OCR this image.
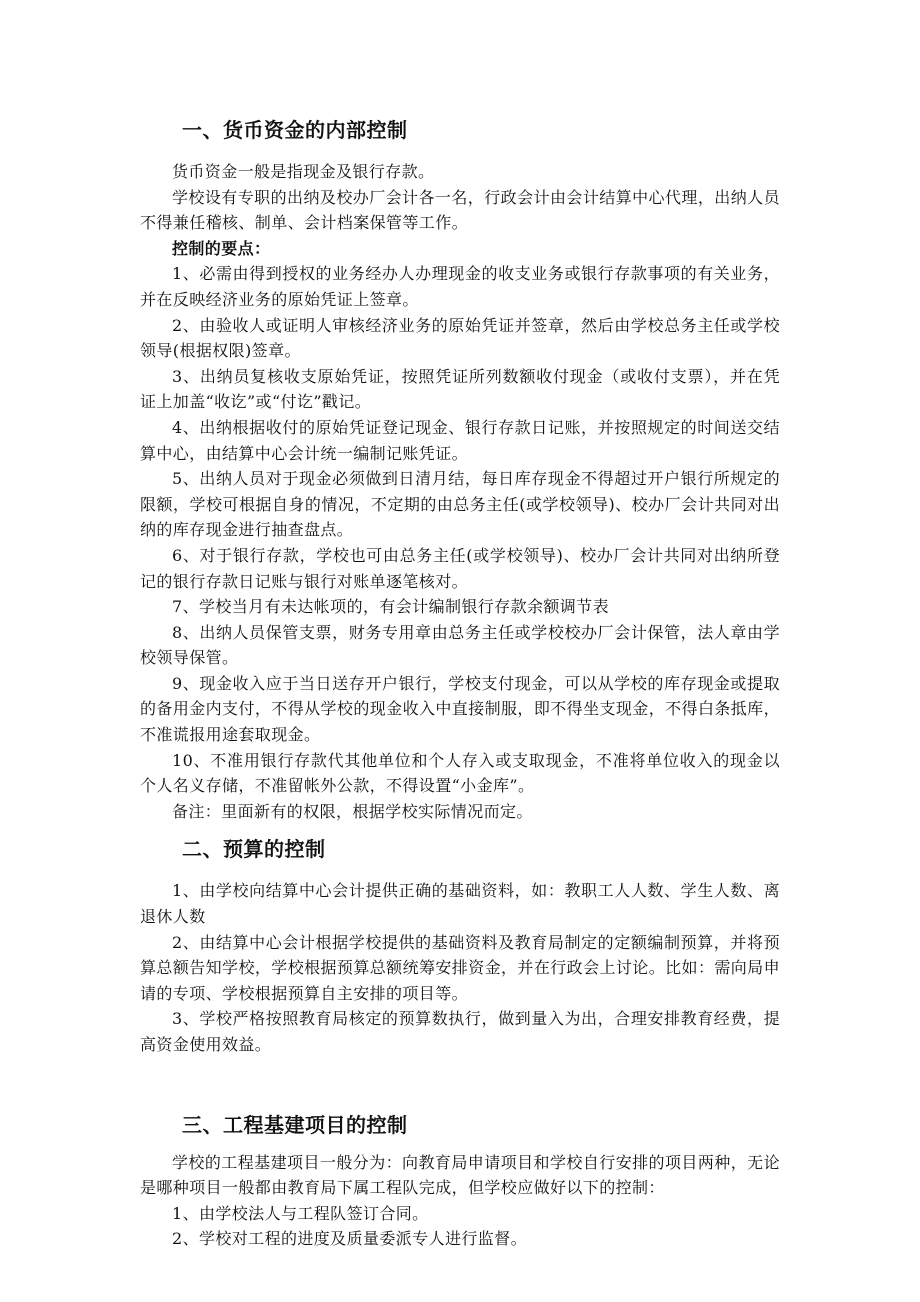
一、货币资金的内部控制

货币资金一般是指现金及银行存款。

学校设有专职的出纳及校办厂会计各一名，行政会计由会计结算中心代理，出纳人员不得兼任稽核、制单、会计档案保管等工作。

控制的要点：

1、必需由得到授权的业务经办人办理现金的收支业务或银行存款事项的有关业务，并在反映经济业务的原始凭证上签章。

2、由验收人或证明人审核经济业务的原始凭证并签章，然后由学校总务主任或学校领导(根据权限)签章。

3、出纳员复核收支原始凭证，按照凭证所列数额收付现金（或收付支票），并在凭证上加盖“收讫”或“付讫”戳记。

4、出纳根据收付的原始凭证登记现金、银行存款日记账，并按照规定的时间送交结算中心，由结算中心会计统一编制记账凭证。

5、出纳人员对于现金必须做到日清月结，每日库存现金不得超过开户银行所规定的限额，学校可根据自身的情况，不定期的由总务主任(或学校领导)、校办厂会计共同对出纳的库存现金进行抽查盘点。

6、对于银行存款，学校也可由总务主任(或学校领导)、校办厂会计共同对出纳所登记的银行存款日记账与银行对账单逐笔核对。

7、学校当月有未达帐项的，有会计编制银行存款余额调节表

8、出纳人员保管支票，财务专用章由总务主任或学校校办厂会计保管，法人章由学校领导保管。

9、现金收入应于当日送存开户银行，学校支付现金，可以从学校的库存现金或提取的备用金内支付，不得从学校的现金收入中直接制服，即不得坐支现金，不得白条抵库，不准谎报用途套取现金。

10、不准用银行存款代其他单位和个人存入或支取现金，不准将单位收入的现金以个人名义存储，不准留帐外公款，不得设置“小金库”。

备注：里面新有的权限，根据学校实际情况而定。

二、预算的控制

1、由学校向结算中心会计提供正确的基础资料，如：教职工人人数、学生人数、离退休人数

2、由结算中心会计根据学校提供的基础资料及教育局制定的定额编制预算，并将预算总额告知学校，学校根据预算总额统筹安排资金，并在行政会上讨论。比如：需向局申请的专项、学校根据预算自主安排的项目等。

3、学校严格按照教育局核定的预算数执行，做到量入为出，合理安排教育经费，提高资金使用效益。

三、工程基建项目的控制

学校的工程基建项目一般分为：向教育局申请项目和学校自行安排的项目两种，无论是哪种项目一般都由教育局下属工程队完成，但学校应做好以下的控制：

1、由学校法人与工程队签订合同。

2、学校对工程的进度及质量委派专人进行监督。
